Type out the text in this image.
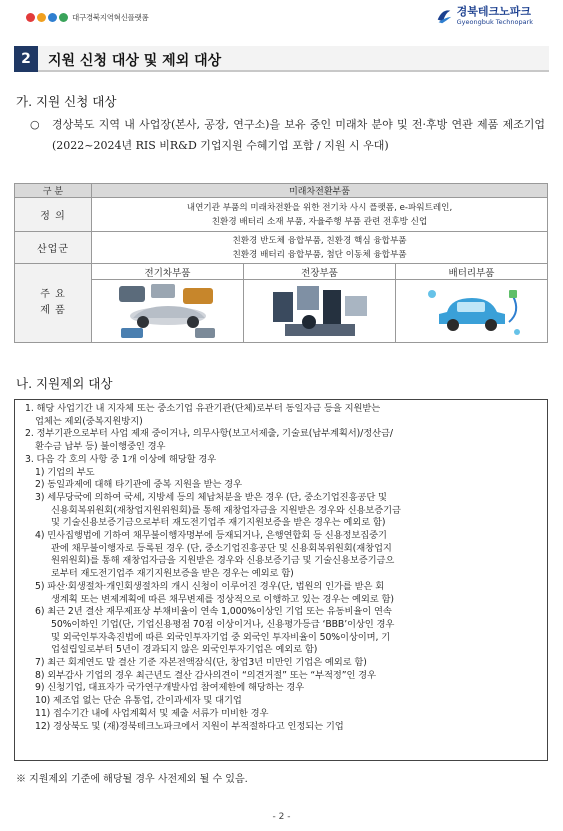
대구경북지역혁신플랫폼	경북테크노파크
Gyeongbuk Technopark
2	지원 신청 대상 및 제외 대상
가. 지원 신청 대상
○ 경상북도 지역 내 사업장(본사, 공장, 연구소)을 보유 중인 미래차 분야 및 전·후방 연관 제품 제조기업 (2022~2024년 RIS 비R&D 기업지원 수혜기업 포함 / 지원 시 우대)
구 분	미래차전환부품		
정 의	내연기관 부품의 미래차전환을 위한 전기차 사시 플랫폼, e-파워트레인,
친환경 배터리 소재 부품, 자율주행 부품 관련 전후방 신업		

산업군	친환경 반도체 융합부품, 친환경 핵심 융합부품
친환경 배터리 융합부품, 첨단 이동체 융합부품		

주 요
제 품	전기차부품	전장부품	배터리부품

나. 지원제외 대상
1. 해당 사업기간 내 지자체 또는 중소기업 유관기관(단체)로부터 동일자금 등을 지원받는
업체는 제외(중복지원방지)
2. 정부기관으로부터 사업 제재 중이거나, 의무사항(보고서제출, 기술료(납부계획서)/정산금/
환수금 납부 등) 불이행중인 경우
3. 다음 각 호의 사항 중 1개 이상에 해당할 경우
1) 기업의 부도
2) 동일과제에 대해 타기관에 중복 지원을 받는 경우
3) 세무당국에 의하여 국세, 지방세 등의 체납처분을 받은 경우 (단, 중소기업진흥공단 및
신용회복위원회(재창업지원위원회)를 통해 재창업자금을 지원받은 경우와 신용보증기금
및 기술신용보증기금으로부터 재도전기업주 재기지원보증을 받은 경우는 예외로 함)
4) 민사집행법에 기하여 채무불이행자명부에 등재되거나, 은행연합회 등 신용정보집중기
관에 채무불이행자로 등록된 경우 (단, 중소기업진흥공단 및 신용회복위원회(재창업지
원위원회)를 통해 재창업자금을 지원받은 경우와 신용보증기금 및 기술신용보증기금으
로부터 재도전기업주 재기지원보증을 받은 경우는 예외로 함)
5) 파산·회생절차·개인회생절차의 개시 신청이 이루어진 경우(단, 법원의 인가를 받은 회
생계획 또는 변제계획에 따른 채무변제를 정상적으로 이행하고 있는 경우는 예외로 함)
6) 최근 2년 결산 재무제표상 부채비율이 연속 1,000%이상인 기업 또는 유동비율이 연속
50%이하인 기업(단, 기업신용평점 70점 이상이거나, 신용평가등급 ‘BBB’이상인 경우
및 외국인투자촉진법에 따른 외국인투자기업 중 외국인 투자비율이 50%이상이며, 기
업설립일로부터 5년이 경과되지 않은 외국인투자기업은 예외로 함)
7) 최근 회계연도 말 결산 기준 자본전액잠식(단, 창업3년 미만인 기업은 예외로 함)
8) 외부감사 기업의 경우 최근년도 결산 감사의견이 “의견거절” 또는 “부적정”인 경우
9) 신청기업, 대표자가 국가연구개발사업 참여제한에 해당하는 경우
10) 제조업 없는 단순 유통업, 간이과세자 및 대기업
11) 접수기간 내에 사업계획서 및 제출 서류가 미비한 경우
12) 경상북도 및 (재)경북테크노파크에서 지원이 부적절하다고 인정되는 기업
※ 지원제외 기준에 해당될 경우 사전제외 될 수 있음.
- 2 -
